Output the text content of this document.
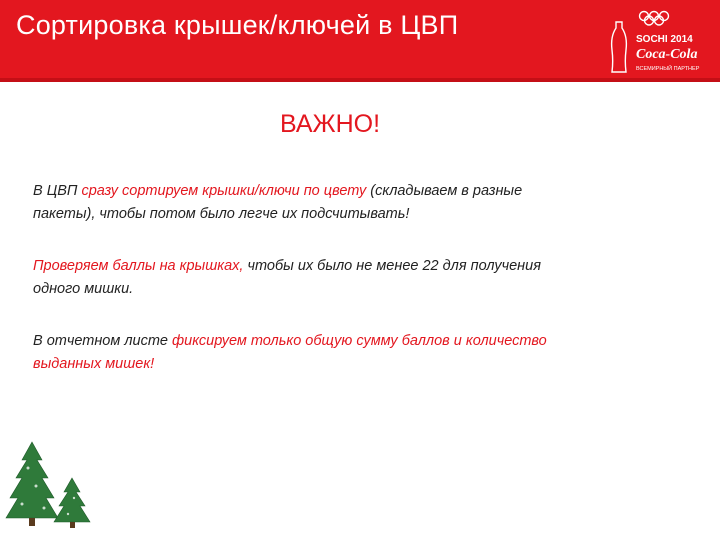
Сортировка крышек/ключей в ЦВП	SOCHI 2014
Coca-Cola
ВСЕМИРНЫЙ ПАРТНЕР
ВАЖНО!
В ЦВП сразу сортируем крышки/ключи по цвету (складываем в разные пакеты), чтобы потом было легче их подсчитывать!
Проверяем баллы на крышках, чтобы их было не менее 22 для получения одного мишки.
В отчетном листе фиксируем только общую сумму баллов и количество выданных мишек!
